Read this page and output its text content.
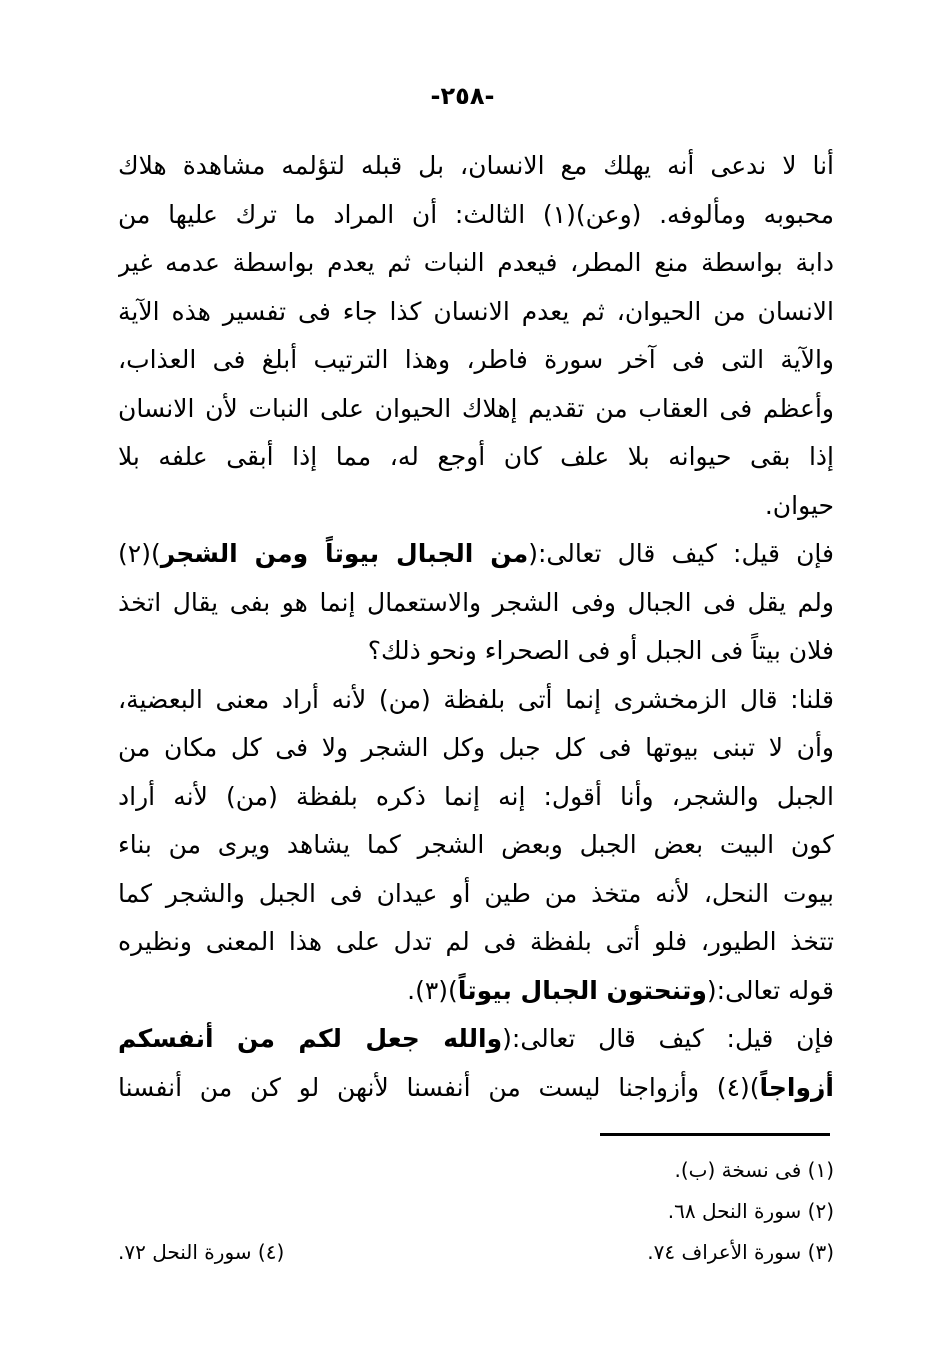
-٢٥٨-
أنا لا ندعى أنه يهلك مع الانسان، بل قبله لتؤلمه مشاهدة هلاك
محبوبه ومألوفه. (وعن)(١) الثالث: أن المراد ما ترك عليها من
دابة بواسطة منع المطر، فيعدم النبات ثم يعدم بواسطة عدمه غير
الانسان من الحيوان، ثم يعدم الانسان كذا جاء فى تفسير هذه الآية
والآية التى فى آخر سورة فاطر، وهذا الترتيب أبلغ فى العذاب،
وأعظم فى العقاب من تقديم إهلاك الحيوان على النبات لأن الانسان
إذا بقى حيوانه بلا علف كان أوجع له، مما إذا أبقى علفه بلا
حيوان.
فإن قيل: كيف قال تعالى:(من الجبال بيوتاً ومن الشجر)(٢)
ولم يقل فى الجبال وفى الشجر والاستعمال إنما هو بفى يقال اتخذ
فلان بيتاً فى الجبل أو فى الصحراء ونحو ذلك؟
قلنا: قال الزمخشرى إنما أتى بلفظة (من) لأنه أراد معنى البعضية،
وأن لا تبنى بيوتها فى كل جبل وكل الشجر ولا فى كل مكان من
الجبل والشجر، وأنا أقول: إنه إنما ذكره بلفظة (من) لأنه أراد
كون البيت بعض الجبل وبعض الشجر كما يشاهد ويرى من بناء
بيوت النحل، لأنه متخذ من طين أو عيدان فى الجبل والشجر كما
تتخذ الطيور، فلو أتى بلفظة فى لم تدل على هذا المعنى ونظيره
قوله تعالى:(وتنحتون الجبال بيوتاً)(٣).
فإن قيل: كيف قال تعالى:(والله جعل لكم من أنفسكم
أزواجاً)(٤) وأزواجنا ليست من أنفسنا لأنهن لو كن من أنفسنا
(١) فى نسخة (ب).
(٢) سورة النحل ٦٨.
(٣) سورة الأعراف ٧٤.
(٤) سورة النحل ٧٢.
